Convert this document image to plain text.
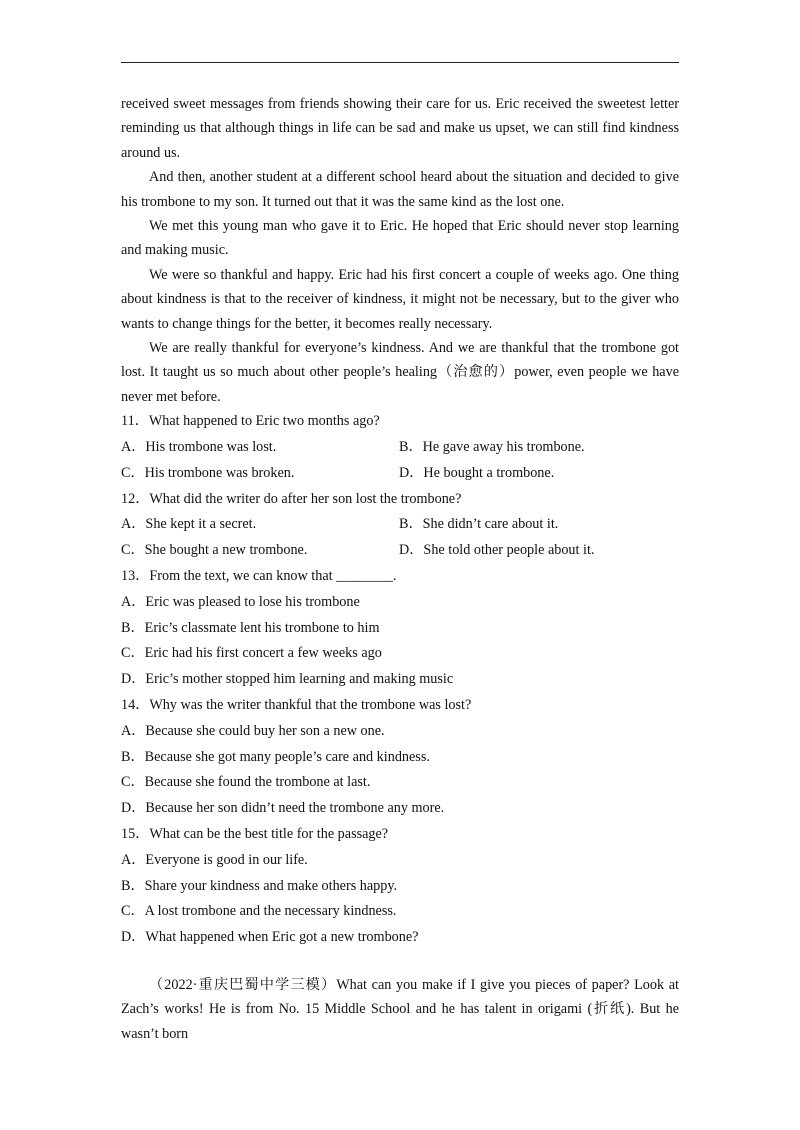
received sweet messages from friends showing their care for us. Eric received the sweetest letter reminding us that although things in life can be sad and make us upset, we can still find kindness around us.

And then, another student at a different school heard about the situation and decided to give his trombone to my son. It turned out that it was the same kind as the lost one.

We met this young man who gave it to Eric. He hoped that Eric should never stop learning and making music.

We were so thankful and happy. Eric had his first concert a couple of weeks ago. One thing about kindness is that to the receiver of kindness, it might not be necessary, but to the giver who wants to change things for the better, it becomes really necessary.

We are really thankful for everyone’s kindness. And we are thankful that the trombone got lost. It taught us so much about other people’s healing（治愈的）power, even people we have never met before.

11．What happened to Eric two months ago?

A．His trombone was lost.	B．He gave away his trombone.
C．His trombone was broken.	D．He bought a trombone.

12．What did the writer do after her son lost the trombone?

A．She kept it a secret.	B．She didn’t care about it.
C．She bought a new trombone.	D．She told other people about it.

13．From the text, we can know that ________.

A．Eric was pleased to lose his trombone

B．Eric’s classmate lent his trombone to him

C．Eric had his first concert a few weeks ago

D．Eric’s mother stopped him learning and making music

14．Why was the writer thankful that the trombone was lost?

A．Because she could buy her son a new one.

B．Because she got many people’s care and kindness.

C．Because she found the trombone at last.

D．Because her son didn’t need the trombone any more.

15．What can be the best title for the passage?

A．Everyone is good in our life.

B．Share your kindness and make others happy.

C．A lost trombone and the necessary kindness.

D．What happened when Eric got a new trombone?

（2022·重庆巴蜀中学三模）What can you make if I give you pieces of paper? Look at Zach’s works! He is from No. 15 Middle School and he has talent in origami (折纸). But he wasn’t born
